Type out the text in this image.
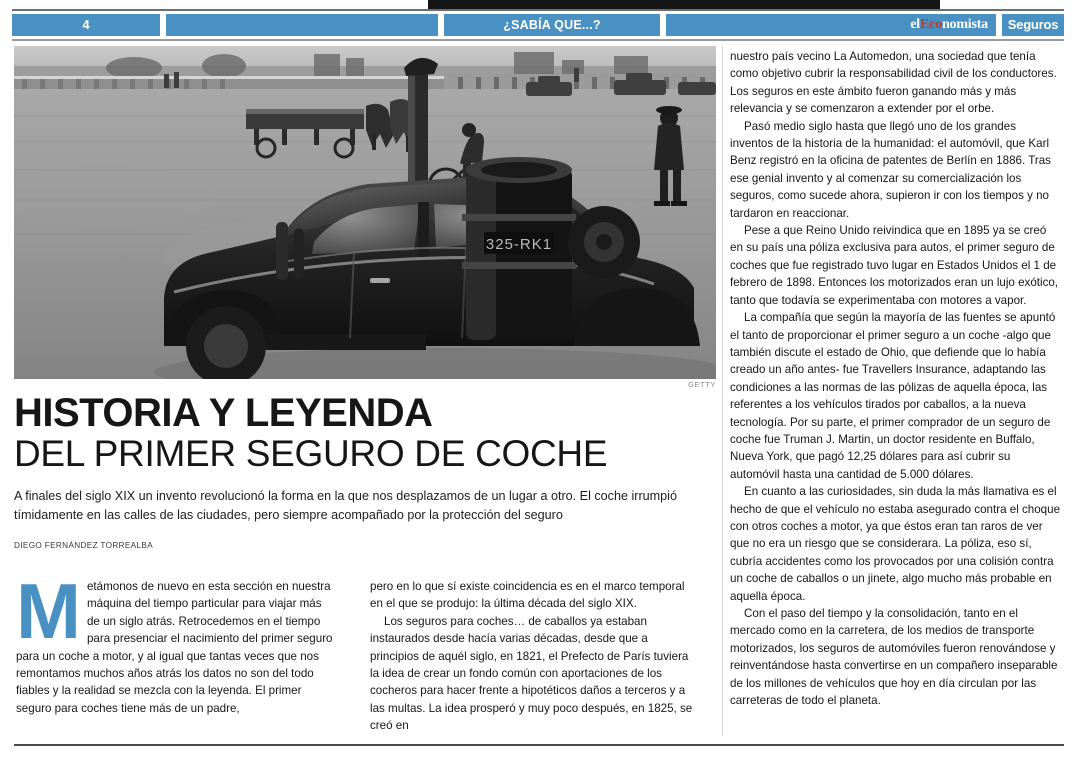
4	¿SABÍA QUE...?	elEconomista	Seguros
325-RK1
GETTY
HISTORIA Y LEYENDA
DEL PRIMER SEGURO DE COCHE

A finales del siglo XIX un invento revolucionó la forma en la que nos desplazamos de un lugar a otro. El coche irrumpió tímidamente en las calles de las ciudades, pero siempre acompañado por la protección del seguro

DIEGO FERNÁNDEZ TORREALBA

Metámonos de nuevo en esta sección en nuestra máquina del tiempo particular para viajar más de un siglo atrás. Retrocedemos en el tiempo para presenciar el nacimiento del primer seguro para un coche a motor, y al igual que tantas veces que nos remontamos muchos años atrás los datos no son del todo fiables y la realidad se mezcla con la leyenda. El primer seguro para coches tiene más de un padre,

pero en lo que sí existe coincidencia es en el marco temporal en el que se produjo: la última década del siglo XIX.

Los seguros para coches… de caballos ya estaban instaurados desde hacía varias décadas, desde que a principios de aquél siglo, en 1821, el Prefecto de París tuviera la idea de crear un fondo común con aportaciones de los cocheros para hacer frente a hipotéticos daños a terceros y a las multas. La idea prosperó y muy poco después, en 1825, se creó en

nuestro país vecino La Automedon, una sociedad que tenía como objetivo cubrir la responsabilidad civil de los conductores. Los seguros en este ámbito fueron ganando más y más relevancia y se comenzaron a extender por el orbe.

Pasó medio siglo hasta que llegó uno de los grandes inventos de la historia de la humanidad: el automóvil, que Karl Benz registró en la oficina de patentes de Berlín en 1886. Tras ese genial invento y al comenzar su comercialización los seguros, como sucede ahora, supieron ir con los tiempos y no tardaron en reaccionar.

Pese a que Reino Unido reivindica que en 1895 ya se creó en su país una póliza exclusiva para autos, el primer seguro de coches que fue registrado tuvo lugar en Estados Unidos el 1 de febrero de 1898. Entonces los motorizados eran un lujo exótico, tanto que todavía se experimentaba con motores a vapor.

La compañía que según la mayoría de las fuentes se apuntó el tanto de proporcionar el primer seguro a un coche -algo que también discute el estado de Ohio, que defiende que lo había creado un año antes- fue Travellers Insurance, adaptando las condiciones a las normas de las pólizas de aquella época, las referentes a los vehículos tirados por caballos, a la nueva tecnología. Por su parte, el primer comprador de un seguro de coche fue Truman J. Martin, un doctor residente en Buffalo, Nueva York, que pagó 12,25 dólares para así cubrir su automóvil hasta una cantidad de 5.000 dólares.

En cuanto a las curiosidades, sin duda la más llamativa es el hecho de que el vehículo no estaba asegurado contra el choque con otros coches a motor, ya que éstos eran tan raros de ver que no era un riesgo que se considerara. La póliza, eso sí, cubría accidentes como los provocados por una colisión contra un coche de caballos o un jinete, algo mucho más probable en aquella época.

Con el paso del tiempo y la consolidación, tanto en el mercado como en la carretera, de los medios de transporte motorizados, los seguros de automóviles fueron renovándose y reinventándose hasta convertirse en un compañero inseparable de los millones de vehículos que hoy en día circulan por las carreteras de todo el planeta.
